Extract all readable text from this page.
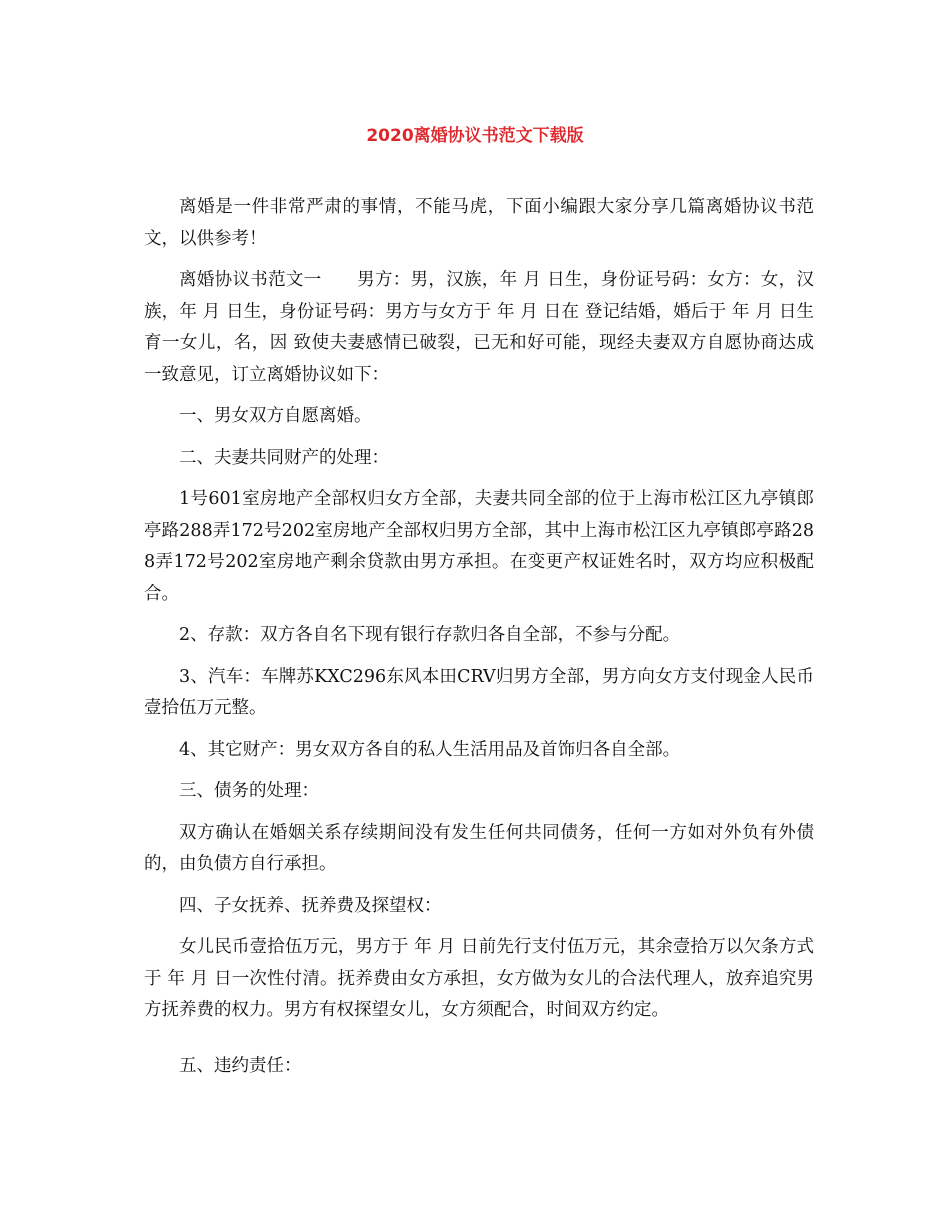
2020离婚协议书范文下载版

离婚是一件非常严肃的事情，不能马虎，下面小编跟大家分享几篇离婚协议书范文，以供参考！

离婚协议书范文一　　男方：男，汉族，年 月 日生，身份证号码：女方：女，汉族，年 月 日生，身份证号码：男方与女方于 年 月 日在 登记结婚，婚后于 年 月 日生育一女儿，名，因 致使夫妻感情已破裂，已无和好可能，现经夫妻双方自愿协商达成一致意见，订立离婚协议如下：

一、男女双方自愿离婚。

二、夫妻共同财产的处理：

1号601室房地产全部权归女方全部，夫妻共同全部的位于上海市松江区九亭镇郎亭路288弄172号202室房地产全部权归男方全部，其中上海市松江区九亭镇郎亭路288弄172号202室房地产剩余贷款由男方承担。在变更产权证姓名时，双方均应积极配合。

2、存款：双方各自名下现有银行存款归各自全部，不参与分配。

3、汽车：车牌苏KXC296东风本田CRV归男方全部，男方向女方支付现金人民币壹拾伍万元整。

4、其它财产：男女双方各自的私人生活用品及首饰归各自全部。

三、债务的处理：

双方确认在婚姻关系存续期间没有发生任何共同债务，任何一方如对外负有外债的，由负债方自行承担。

四、子女抚养、抚养费及探望权：

女儿民币壹拾伍万元，男方于 年 月 日前先行支付伍万元，其余壹拾万以欠条方式于 年 月 日一次性付清。抚养费由女方承担，女方做为女儿的合法代理人，放弃追究男方抚养费的权力。男方有权探望女儿，女方须配合，时间双方约定。

五、违约责任：
